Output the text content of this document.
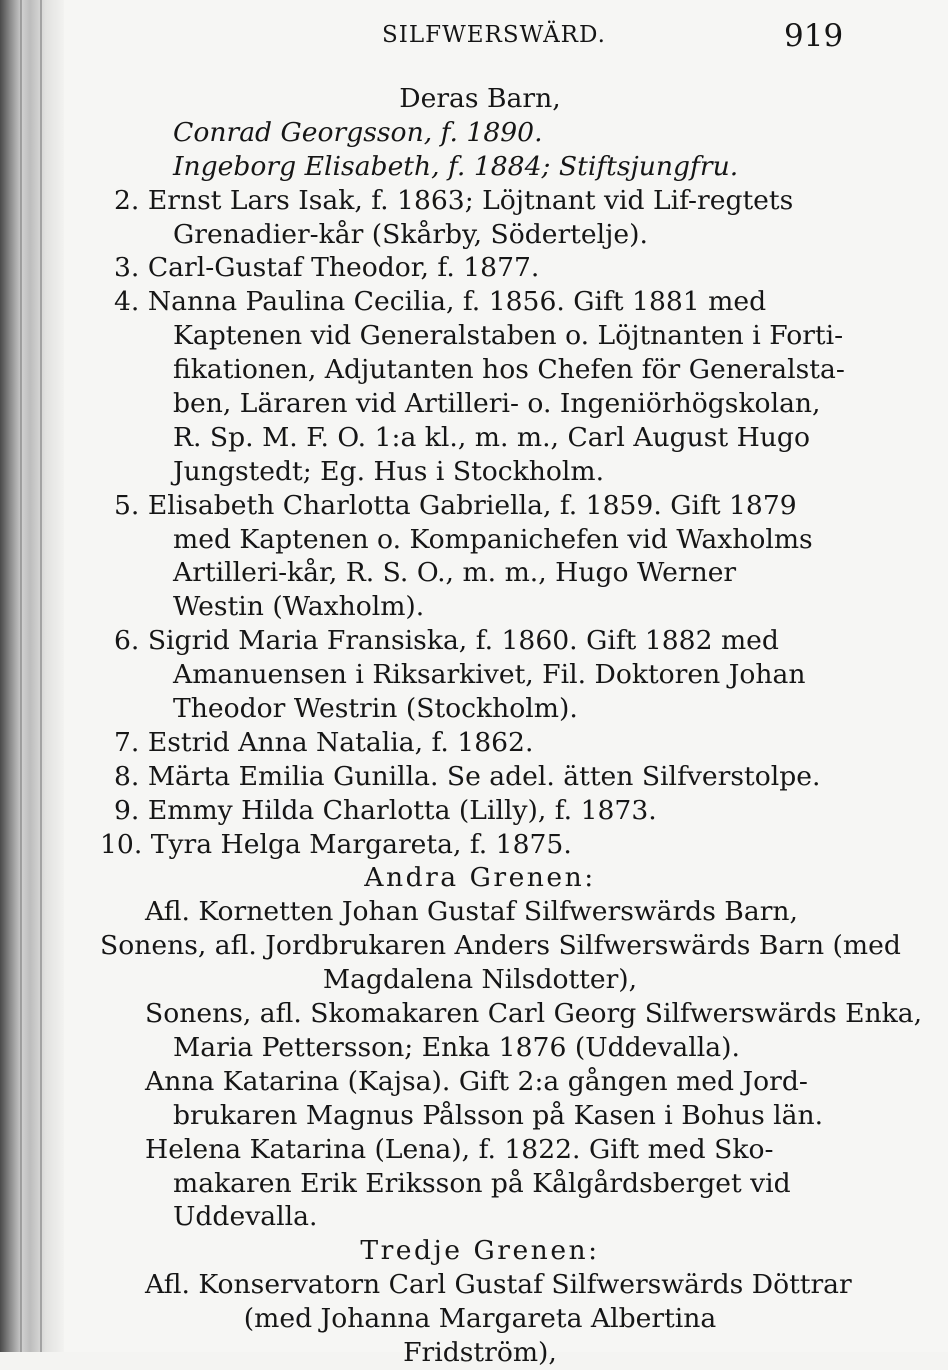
SILFWERSWÄRD.	919
Deras Barn,
Conrad Georgsson, f. 1890.
Ingeborg Elisabeth, f. 1884; Stiftsjungfru.
2. Ernst Lars Isak, f. 1863; Löjtnant vid Lif-regtets
Grenadier-kår (Skårby, Södertelje).
3. Carl-Gustaf Theodor, f. 1877.
4. Nanna Paulina Cecilia, f. 1856. Gift 1881 med
Kaptenen vid Generalstaben o. Löjtnanten i Forti-
fikationen, Adjutanten hos Chefen för Generalsta-
ben, Läraren vid Artilleri- o. Ingeniörhögskolan,
R. Sp. M. F. O. 1:a kl., m. m., Carl August Hugo
Jungstedt; Eg. Hus i Stockholm.
5. Elisabeth Charlotta Gabriella, f. 1859. Gift 1879
med Kaptenen o. Kompanichefen vid Waxholms
Artilleri-kår, R. S. O., m. m., Hugo Werner
Westin (Waxholm).
6. Sigrid Maria Fransiska, f. 1860. Gift 1882 med
Amanuensen i Riksarkivet, Fil. Doktoren Johan
Theodor Westrin (Stockholm).
7. Estrid Anna Natalia, f. 1862.
8. Märta Emilia Gunilla. Se adel. ätten Silfverstolpe.
9. Emmy Hilda Charlotta (Lilly), f. 1873.
10. Tyra Helga Margareta, f. 1875.
Andra Grenen:
Afl. Kornetten Johan Gustaf Silfwerswärds Barn,
Sonens, afl. Jordbrukaren Anders Silfwerswärds Barn (med
Magdalena Nilsdotter),
Sonens, afl. Skomakaren Carl Georg Silfwerswärds Enka,
Maria Pettersson; Enka 1876 (Uddevalla).
Anna Katarina (Kajsa). Gift 2:a gången med Jord-
brukaren Magnus Pålsson på Kasen i Bohus län.
Helena Katarina (Lena), f. 1822. Gift med Sko-
makaren Erik Eriksson på Kålgårdsberget vid
Uddevalla.
Tredje Grenen:
Afl. Konservatorn Carl Gustaf Silfwerswärds Döttrar
(med Johanna Margareta Albertina
Fridström),
